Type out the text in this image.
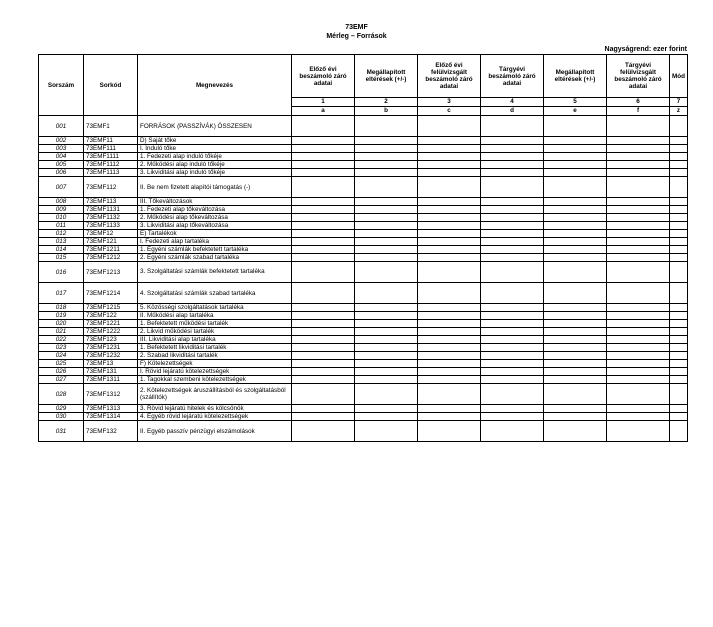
73EMF
Mérleg – Források
Nagyságrend: ezer forint
Sorszám	Sorkód	Megnevezés	Előző évi beszámoló záró adatai	Megállapított eltérések (+/-)	Előző évi felülvizsgált beszámoló záró adatai	Tárgyévi beszámoló záró adatai	Megállapított eltérések (+/-)	Tárgyévi felülvizsgált beszámoló záró adatai	Mód
			1	2	3	4	5	6	7
			a	b	c	d	e	f	z
001	73EMF1	FORRÁSOK (PASSZÍVÁK) ÖSSZESEN							
002	73EMF11	D) Saját tőke							
003	73EMF111	I. Induló tőke							
004	73EMF1111	1. Fedezeti alap induló tőkéje							
005	73EMF1112	2. Működési alap induló tőkéje							
006	73EMF1113	3. Likviditási alap induló tőkéje							
007	73EMF112	II. Be nem fizetett alapítói támogatás (-)							
008	73EMF113	III. Tőkeváltozások							
009	73EMF1131	1. Fedezeti alap tőkeváltozása							
010	73EMF1132	2. Működési alap tőkeváltozása							
011	73EMF1133	3. Likviditási alap tőkeváltozása							
012	73EMF12	E) Tartalékok							
013	73EMF121	I. Fedezeti alap tartaléka							
014	73EMF1211	1. Egyéni számlák befektetett tartaléka							
015	73EMF1212	2. Egyéni számlák szabad tartaléka							
016	73EMF1213	3. Szolgáltatási számlák befektetett tartaléka							
017	73EMF1214	4. Szolgáltatási számlák szabad tartaléka							
018	73EMF1215	5. Közösségi szolgáltatások tartaléka							
019	73EMF122	II. Működési alap tartaléka							
020	73EMF1221	1. Befektetett működési tartalék							
021	73EMF1222	2. Likvid működési tartalék							
022	73EMF123	III. Likviditási alap tartaléka							
023	73EMF1231	1. Befektetett likviditási tartalék							
024	73EMF1232	2. Szabad likviditási tartalék							
025	73EMF13	F) Kötelezettségek							
026	73EMF131	I. Rövid lejáratú kötelezettségek							
027	73EMF1311	1. Tagokkal szembeni kötelezettségek							
028	73EMF1312	2. Kötelezettségek áruszállításból és szolgáltatásból (szállítók)							
029	73EMF1313	3. Rövid lejáratú hitelek és kölcsönök							
030	73EMF1314	4. Egyéb rövid lejáratú kötelezettségek							
031	73EMF132	II. Egyéb passzív pénzügyi elszámolások							
